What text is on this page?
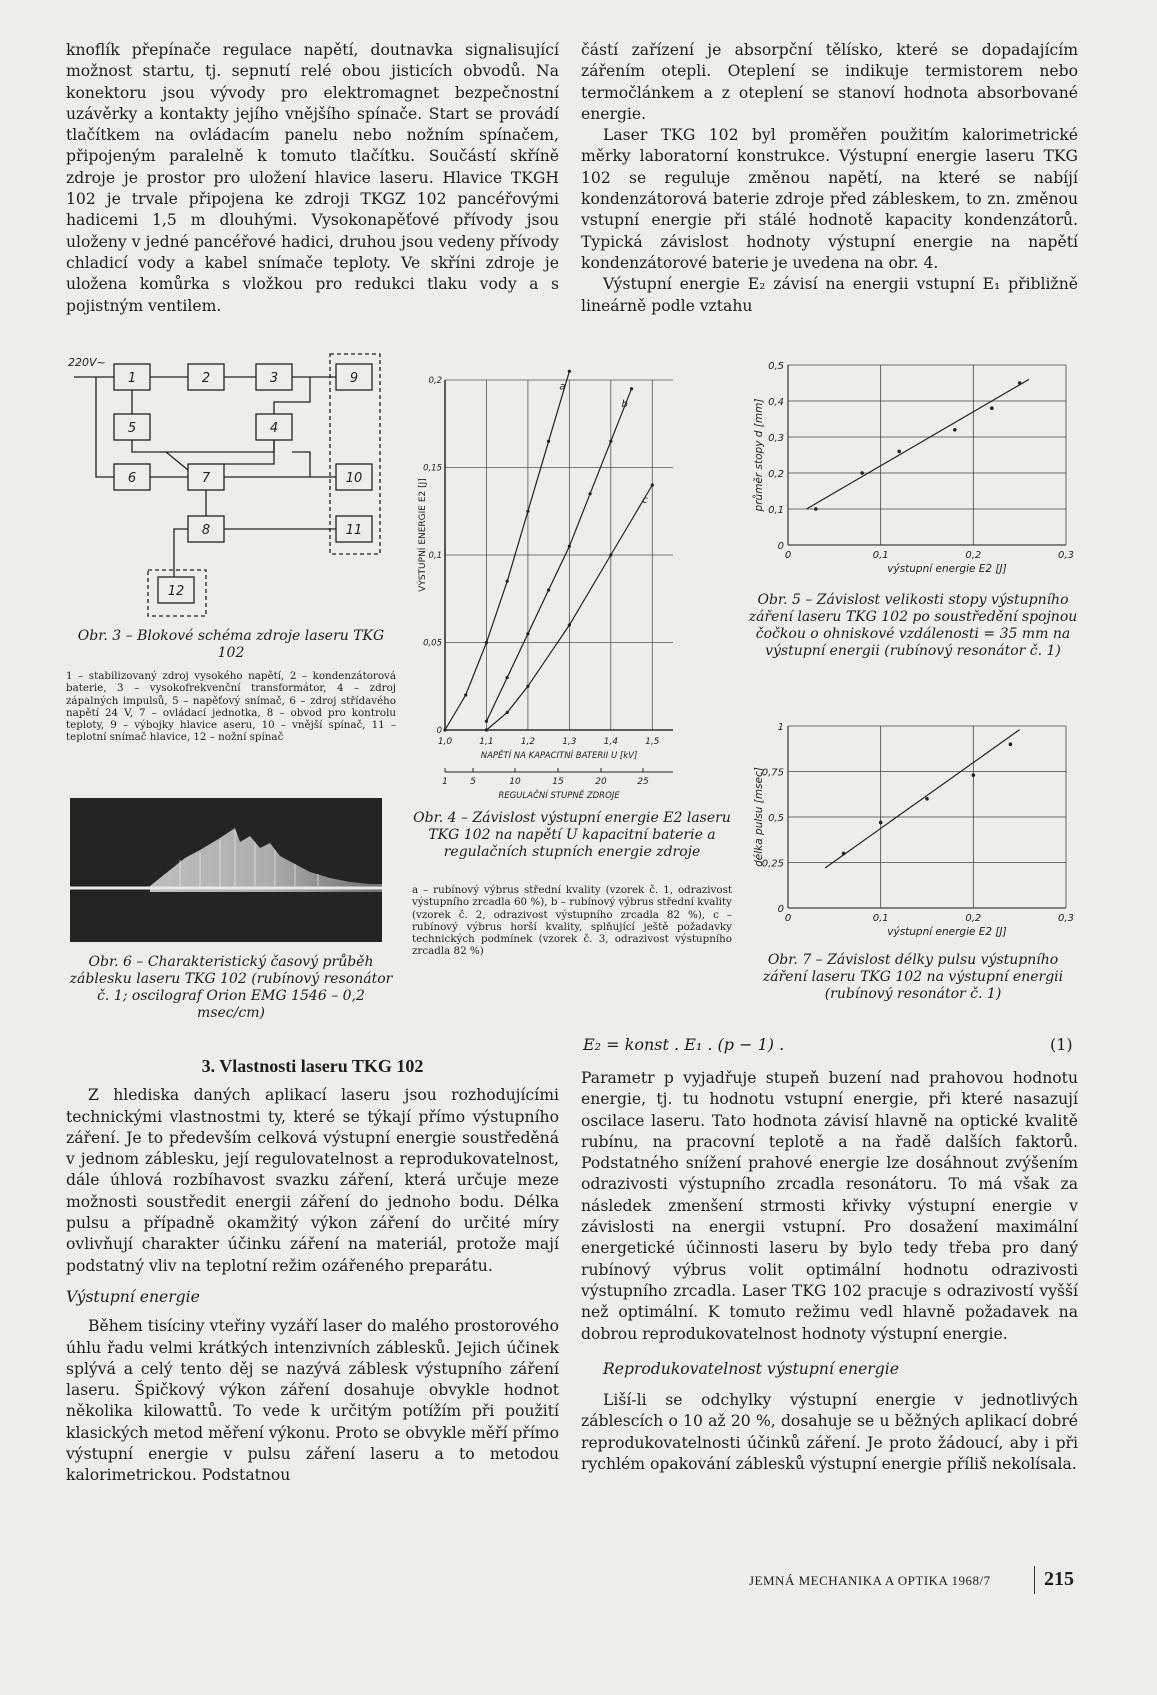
knoflík přepínače regulace napětí, doutnavka signalisující možnost startu, tj. sepnutí relé obou jisticích obvodů. Na konektoru jsou vývody pro elektromagnet bezpečnostní uzávěrky a kontakty jejího vnějšího spínače. Start se provádí tlačítkem na ovládacím panelu nebo nožním spínačem, připojeným paralelně k tomuto tlačítku. Součástí skříně zdroje je prostor pro uložení hlavice laseru. Hlavice TKGH 102 je trvale připojena ke zdroji TKGZ 102 pancéřovými hadicemi 1,5 m dlouhými. Vysokonapěťové přívody jsou uloženy v jedné pancéřové hadici, druhou jsou vedeny přívody chladicí vody a kabel snímače teploty. Ve skříni zdroje je uložena komůrka s vložkou pro redukci tlaku vody a s pojistným ventilem.

220V~
1	2	3
4
5
6	7
8
9
10
11
12
Obr. 3 – Blokové schéma zdroje laseru TKG 102
1 – stabilizovaný zdroj vysokého napětí, 2 – kondenzátorová baterie, 3 – vysokofrekvenční transformátor, 4 – zdroj zápalných impulsů, 5 – napěťový snímač, 6 – zdroj střídavého napětí 24 V, 7 – ovládací jednotka, 8 – obvod pro kontrolu teploty, 9 – výbojky hlavice aseru, 10 – vnější spínač, 11 – teplotní snímač hlavice, 12 – nožní spínač
Obr. 6 – Charakteristický časový průběh záblesku laseru TKG 102 (rubínový resonátor č. 1; oscilograf Orion EMG 1546 – 0,2 msec/cm)
3. Vlastnosti laseru TKG 102

Z hlediska daných aplikací laseru jsou rozhodujícími technickými vlastnostmi ty, které se týkají přímo výstupního záření. Je to především celková výstupní energie soustředěná v jednom záblesku, její regulovatelnost a reprodukovatelnost, dále úhlová rozbíhavost svazku záření, která určuje meze možnosti soustředit energii záření do jednoho bodu. Délka pulsu a případně okamžitý výkon záření do určité míry ovlivňují charakter účinku záření na materiál, protože mají podstatný vliv na teplotní režim ozářeného preparátu.

Výstupní energie

Během tisíciny vteřiny vyzáří laser do malého prostorového úhlu řadu velmi krátkých intenzivních záblesků. Jejich účinek splývá a celý tento děj se nazývá záblesk výstupního záření laseru. Špičkový výkon záření dosahuje obvykle hodnot několika kilowattů. To vede k určitým potížím při použití klasických metod měření výkonu. Proto se obvykle měří přímo výstupní energie v pulsu záření laseru a to metodou kalorimetrickou. Podstatnou

částí zařízení je absorpční tělísko, které se dopadajícím zářením otepli. Oteplení se indikuje termistorem nebo termočlánkem a z oteplení se stanoví hodnota absorbované energie.

Laser TKG 102 byl proměřen použitím kalorimetrické měrky laboratorní konstrukce. Výstupní energie laseru TKG 102 se reguluje změnou napětí, na které se nabíjí kondenzátorová baterie zdroje před zábleskem, to zn. změnou vstupní energie při stálé hodnotě kapacity kondenzátorů. Typická závislost hodnoty výstupní energie na napětí kondenzátorové baterie je uvedena na obr. 4.

Výstupní energie E₂ závisí na energii vstupní E₁ přibližně lineárně podle vztahu

1,0	1,1	1,2	1,3	1,4	1,5
0
0,05
0,1
0,15
0,2
VÝSTUPNÍ ENERGIE E2 [J]
NAPĚTÍ NA KAPACITNÍ BATERII U [kV]
1 5	10	15	20	25
REGULAČNÍ STUPNĚ ZDROJE
a
b
c
Obr. 4 – Závislost výstupní energie E2 laseru TKG 102 na napětí U kapacitní baterie a regulačních stupních energie zdroje
a – rubínový výbrus střední kvality (vzorek č. 1, odrazivost výstupního zrcadla 60 %), b – rubínový výbrus střední kvality (vzorek č. 2, odrazivost výstupního zrcadla 82 %), c – rubínový výbrus horší kvality, splňující ještě požadavky technických podmínek (vzorek č. 3, odrazivost výstupního zrcadla 82 %)
0	0,1	0,2	0,3
0
0,1
0,2
0,3
0,4
0,5
výstupní energie E2 [J]
průměr stopy d [mm]
Obr. 5 – Závislost velikosti stopy výstupního záření laseru TKG 102 po soustředění spojnou čočkou o ohniskové vzdálenosti = 35 mm na výstupní energii (rubínový resonátor č. 1)
0	0,1	0,2	0,3
0
0,25
0,5
0,75
1
výstupní energie E2 [J]
délka pulsu [msec]
Obr. 7 – Závislost délky pulsu výstupního záření laseru TKG 102 na výstupní energii (rubínový resonátor č. 1)
E₂ = konst . E₁ . (p − 1) .	(1)

Parametr p vyjadřuje stupeň buzení nad prahovou hodnotu energie, tj. tu hodnotu vstupní energie, při které nasazují oscilace laseru. Tato hodnota závisí hlavně na optické kvalitě rubínu, na pracovní teplotě a na řadě dalších faktorů. Podstatného snížení prahové energie lze dosáhnout zvýšením odrazivosti výstupního zrcadla resonátoru. To má však za následek zmenšení strmosti křivky výstupní energie v závislosti na energii vstupní. Pro dosažení maximální energetické účinnosti laseru by bylo tedy třeba pro daný rubínový výbrus volit optimální hodnotu odrazivosti výstupního zrcadla. Laser TKG 102 pracuje s odrazivostí vyšší než optimální. K tomuto režimu vedl hlavně požadavek na dobrou reprodukovatelnost hodnoty výstupní energie.

Reprodukovatelnost výstupní energie

Liší-li se odchylky výstupní energie v jednotlivých záblescích o 10 až 20 %, dosahuje se u běžných aplikací dobré reprodukovatelnosti účinků záření. Je proto žádoucí, aby i při rychlém opakování záblesků výstupní energie příliš nekolísala.

JEMNÁ MECHANIKA A OPTIKA 1968/7	215
